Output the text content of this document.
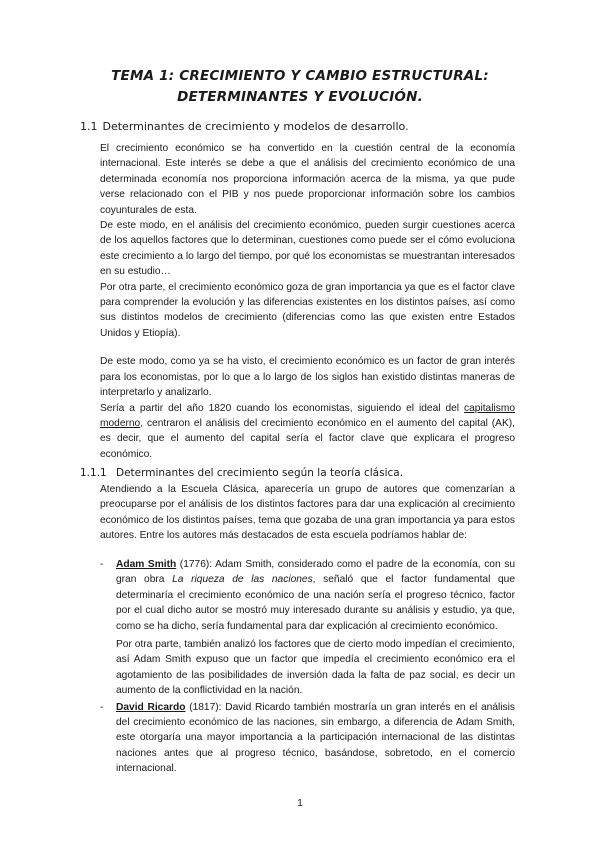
TEMA 1: CRECIMIENTO Y CAMBIO ESTRUCTURAL: DETERMINANTES Y EVOLUCIÓN.
1.1 Determinantes de crecimiento y modelos de desarrollo.

El crecimiento económico se ha convertido en la cuestión central de la economía internacional. Este interés se debe a que el análisis del crecimiento económico de una determinada economía nos proporciona información acerca de la misma, ya que pude verse relacionado con el PIB y nos puede proporcionar información sobre los cambios coyunturales de esta.

De este modo, en el análisis del crecimiento económico, pueden surgir cuestiones acerca de los aquellos factores que lo determinan, cuestiones como puede ser el cómo evoluciona este crecimiento a lo largo del tiempo, por qué los economistas se muestrantan interesados en su estudio…

Por otra parte, el crecimiento económico goza de gran importancia ya que es el factor clave para comprender la evolución y las diferencias existentes en los distintos países, así como sus distintos modelos de crecimiento (diferencias como las que existen entre Estados Unidos y Etiopía).

De este modo, como ya se ha visto, el crecimiento económico es un factor de gran interés para los economistas, por lo que a lo largo de los siglos han existido distintas maneras de interpretarlo y analizarlo.

Sería a partir del año 1820 cuando los economistas, siguiendo el ideal del capitalismo moderno, centraron el análisis del crecimiento económico en el aumento del capital (AK), es decir, que el aumento del capital sería el factor clave que explicara el progreso económico.

1.1.1 Determinantes del crecimiento según la teoría clásica.

Atendiendo a la Escuela Clásica, aparecería un grupo de autores que comenzarían a preocuparse por el análisis de los distintos factores para dar una explicación al crecimiento económico de los distintos países, tema que gozaba de una gran importancia ya para estos autores. Entre los autores más destacados de esta escuela podríamos hablar de:

- Adam Smith (1776): Adam Smith, considerado como el padre de la economía, con su gran obra La riqueza de las naciones, señaló que el factor fundamental que determinaría el crecimiento económico de una nación sería el progreso técnico, factor por el cual dicho autor se mostró muy interesado durante su análisis y estudio, ya que, como se ha dicho, sería fundamental para dar explicación al crecimiento económico.

Por otra parte, también analizó los factores que de cierto modo impedían el crecimiento, así Adam Smith expuso que un factor que impedía el crecimiento económico era el agotamiento de las posibilidades de inversión dada la falta de paz social, es decir un aumento de la conflictividad en la nación.

- David Ricardo (1817): David Ricardo también mostraría un gran interés en el análisis del crecimiento económico de las naciones, sin embargo, a diferencia de Adam Smith, este otorgaría una mayor importancia a la participación internacional de las distintas naciones antes que al progreso técnico, basándose, sobretodo, en el comercio internacional.

1
